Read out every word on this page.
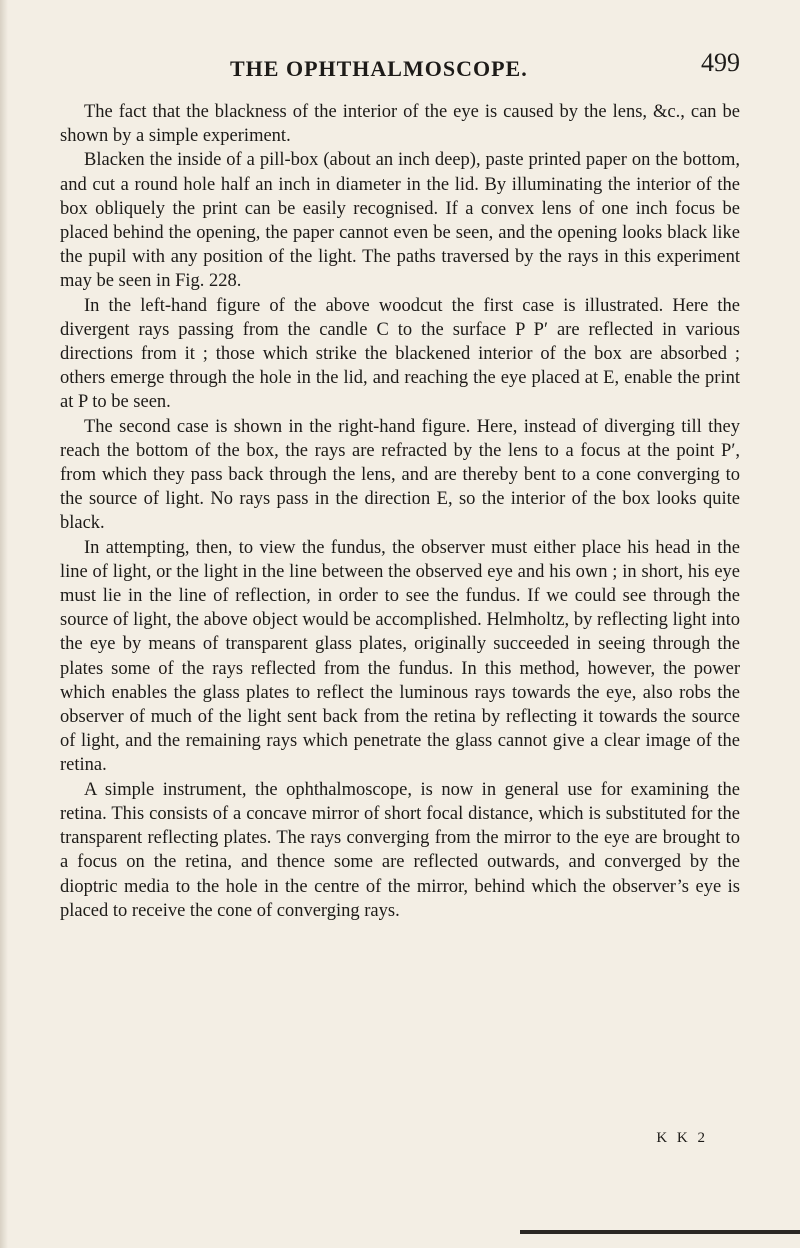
THE OPHTHALMOSCOPE.	499

The fact that the blackness of the interior of the eye is caused by the lens, &c., can be shown by a simple experiment.

Blacken the inside of a pill-box (about an inch deep), paste printed paper on the bottom, and cut a round hole half an inch in diameter in the lid. By illuminating the interior of the box obliquely the print can be easily recognised. If a convex lens of one inch focus be placed behind the opening, the paper cannot even be seen, and the opening looks black like the pupil with any position of the light. The paths traversed by the rays in this experiment may be seen in Fig. 228.

In the left-hand figure of the above woodcut the first case is illustrated. Here the divergent rays passing from the candle C to the surface P P′ are reflected in various directions from it ; those which strike the blackened interior of the box are absorbed ; others emerge through the hole in the lid, and reaching the eye placed at E, enable the print at P to be seen.

The second case is shown in the right-hand figure. Here, instead of diverging till they reach the bottom of the box, the rays are refracted by the lens to a focus at the point P′, from which they pass back through the lens, and are thereby bent to a cone converging to the source of light. No rays pass in the direction E, so the interior of the box looks quite black.

In attempting, then, to view the fundus, the observer must either place his head in the line of light, or the light in the line between the observed eye and his own ; in short, his eye must lie in the line of reflection, in order to see the fundus. If we could see through the source of light, the above object would be accomplished. Helmholtz, by reflecting light into the eye by means of transparent glass plates, originally succeeded in seeing through the plates some of the rays reflected from the fundus. In this method, however, the power which enables the glass plates to reflect the luminous rays towards the eye, also robs the observer of much of the light sent back from the retina by reflecting it towards the source of light, and the remaining rays which penetrate the glass cannot give a clear image of the retina.

A simple instrument, the ophthalmoscope, is now in general use for examining the retina. This consists of a concave mirror of short focal distance, which is substituted for the transparent reflecting plates. The rays converging from the mirror to the eye are brought to a focus on the retina, and thence some are reflected outwards, and converged by the dioptric media to the hole in the centre of the mirror, behind which the observer’s eye is placed to receive the cone of converging rays.

K K 2
